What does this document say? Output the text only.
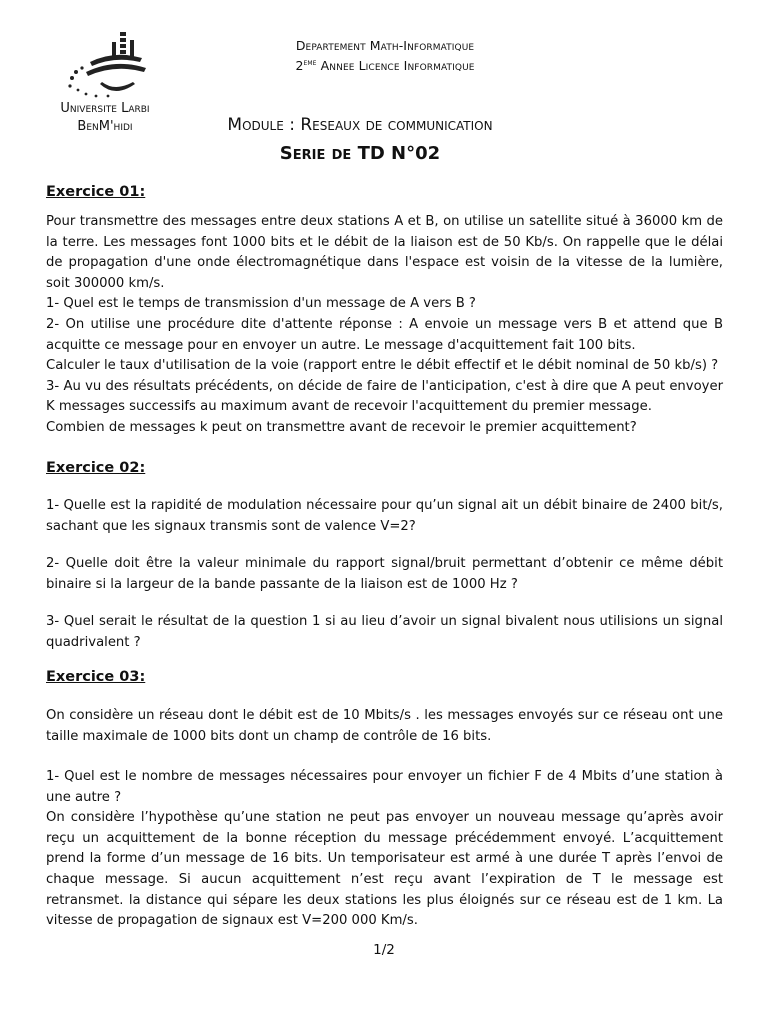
Universite Larbi
BenM'hidi
Departement Math-Informatique
2eme Annee Licence Informatique
Module : Reseaux de communication
Serie de TD N°02
Exercice 01:
Pour transmettre des messages entre deux stations A et B, on utilise un satellite situé à 36000 km de la terre. Les messages font 1000 bits et le débit de la liaison est de 50 Kb/s. On rappelle que le délai de propagation d'une onde électromagnétique dans l'espace est voisin de la vitesse de la lumière, soit 300000 km/s.
1- Quel est le temps de transmission d'un message de A vers B ?
2- On utilise une procédure dite d'attente réponse : A envoie un message vers B et attend que B acquitte ce message pour en envoyer un autre. Le message d'acquittement fait 100 bits.
Calculer le taux d'utilisation de la voie (rapport entre le débit effectif et le débit nominal de 50 kb/s) ?
3- Au vu des résultats précédents, on décide de faire de l'anticipation, c'est à dire que A peut envoyer K messages successifs au maximum avant de recevoir l'acquittement du premier message.
Combien de messages k peut on transmettre avant de recevoir le premier acquittement?
Exercice 02:
1- Quelle est la rapidité de modulation nécessaire pour qu’un signal ait un débit binaire de 2400 bit/s, sachant que les signaux transmis sont de valence V=2?
2- Quelle doit être la valeur minimale du rapport signal/bruit permettant d’obtenir ce même débit binaire si la largeur de la bande passante de la liaison est de 1000 Hz ?
3- Quel serait le résultat de la question 1 si au lieu d’avoir un signal bivalent nous utilisions un signal quadrivalent ?
Exercice 03:
On considère un réseau dont le débit est de 10 Mbits/s . les messages envoyés sur ce réseau ont une taille maximale de 1000 bits dont un champ de contrôle de 16 bits.
1- Quel est le nombre de messages nécessaires pour envoyer un fichier F de 4 Mbits d’une station à une autre ?
On considère l’hypothèse qu’une station ne peut pas envoyer un nouveau message qu’après avoir reçu un acquittement de la bonne réception du message précédemment envoyé. L’acquittement prend la forme d’un message de 16 bits. Un temporisateur est armé à une durée T après l’envoi de chaque message. Si aucun acquittement n’est reçu avant l’expiration de T le message est retransmet. la distance qui sépare les deux stations les plus éloignés sur ce réseau est de 1 km. La vitesse de propagation de signaux est V=200 000 Km/s.
1/2
